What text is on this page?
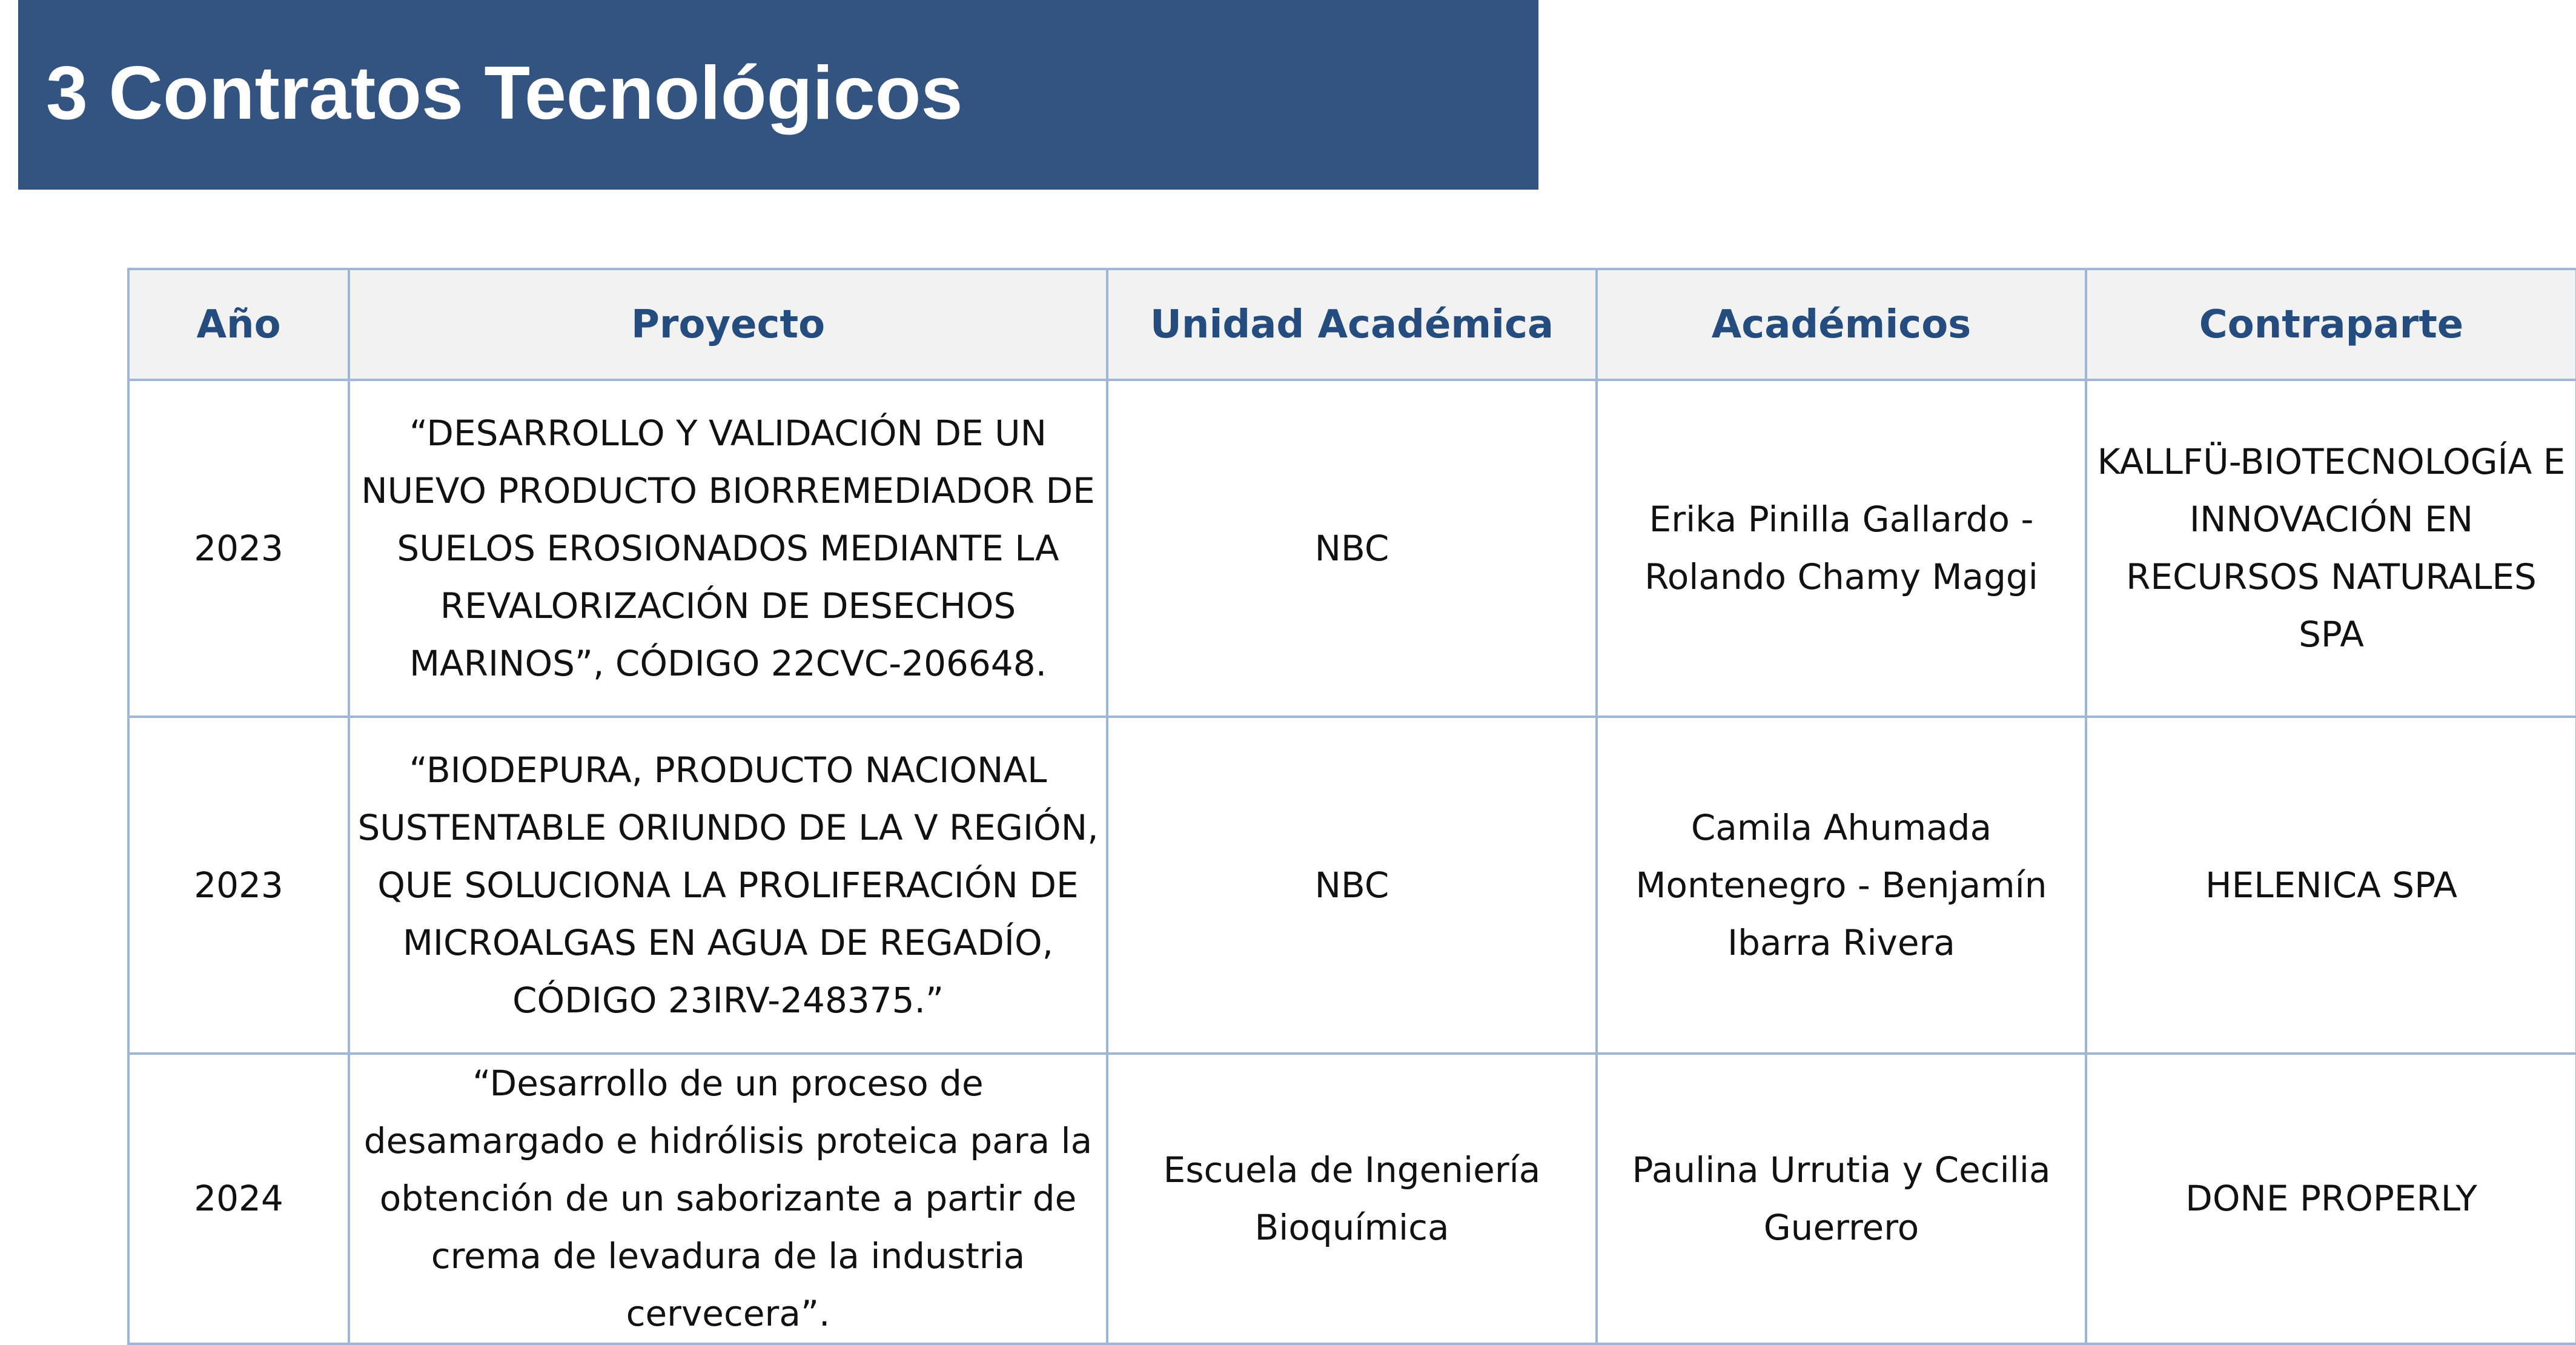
3 Contratos Tecnológicos
Año	Proyecto	Unidad Académica	Académicos	Contraparte
2023	“DESARROLLO Y VALIDACIÓN DE UN NUEVO PRODUCTO BIORREMEDIADOR DE SUELOS EROSIONADOS MEDIANTE LA REVALORIZACIÓN DE DESECHOS MARINOS”, CÓDIGO 22CVC-206648.	NBC	Erika Pinilla Gallardo - Rolando Chamy Maggi	KALLFÜ-BIOTECNOLOGÍA E INNOVACIÓN EN RECURSOS NATURALES SPA
2023	“BIODEPURA, PRODUCTO NACIONAL SUSTENTABLE ORIUNDO DE LA V REGIÓN, QUE SOLUCIONA LA PROLIFERACIÓN DE MICROALGAS EN AGUA DE REGADÍO, CÓDIGO 23IRV-248375.”	NBC	Camila Ahumada Montenegro - Benjamín Ibarra Rivera	HELENICA SPA
2024	“Desarrollo de un proceso de desamargado e hidrólisis proteica para la obtención de un saborizante a partir de crema de levadura de la industria cervecera”.	Escuela de Ingeniería Bioquímica	Paulina Urrutia y Cecilia Guerrero	DONE PROPERLY
